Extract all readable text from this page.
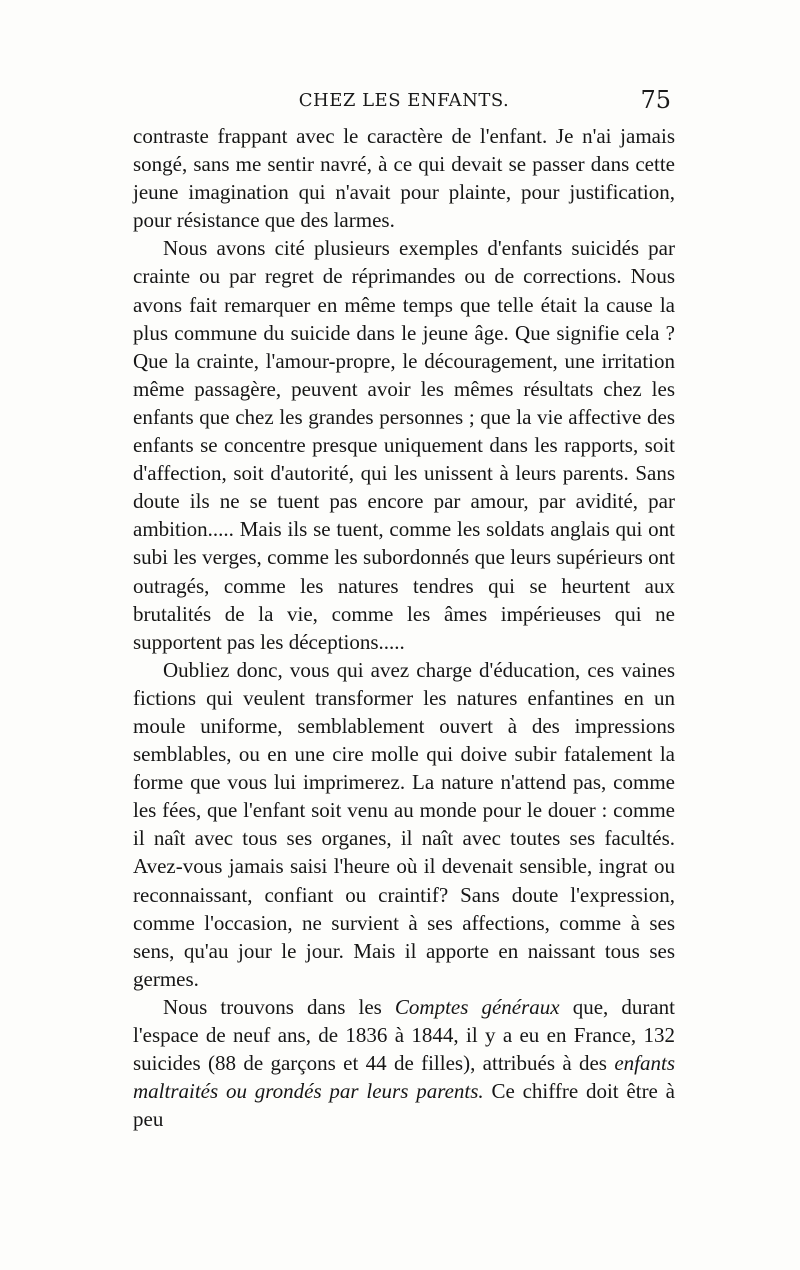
CHEZ LES ENFANTS.	75

contraste frappant avec le caractère de l'enfant. Je n'ai jamais songé, sans me sentir navré, à ce qui devait se passer dans cette jeune imagination qui n'avait pour plainte, pour justification, pour résistance que des larmes.

Nous avons cité plusieurs exemples d'enfants suicidés par crainte ou par regret de réprimandes ou de corrections. Nous avons fait remarquer en même temps que telle était la cause la plus commune du suicide dans le jeune âge. Que signifie cela ? Que la crainte, l'amour-propre, le découragement, une irritation même passagère, peuvent avoir les mêmes résultats chez les enfants que chez les grandes personnes ; que la vie affective des enfants se concentre presque uniquement dans les rapports, soit d'affection, soit d'autorité, qui les unissent à leurs parents. Sans doute ils ne se tuent pas encore par amour, par avidité, par ambition..... Mais ils se tuent, comme les soldats anglais qui ont subi les verges, comme les subordonnés que leurs supérieurs ont outragés, comme les natures tendres qui se heurtent aux brutalités de la vie, comme les âmes impérieuses qui ne supportent pas les déceptions.....

Oubliez donc, vous qui avez charge d'éducation, ces vaines fictions qui veulent transformer les natures enfantines en un moule uniforme, semblablement ouvert à des impressions semblables, ou en une cire molle qui doive subir fatalement la forme que vous lui imprimerez. La nature n'attend pas, comme les fées, que l'enfant soit venu au monde pour le douer : comme il naît avec tous ses organes, il naît avec toutes ses facultés. Avez-vous jamais saisi l'heure où il devenait sensible, ingrat ou reconnaissant, confiant ou craintif? Sans doute l'expression, comme l'occasion, ne survient à ses affections, comme à ses sens, qu'au jour le jour. Mais il apporte en naissant tous ses germes.

Nous trouvons dans les Comptes généraux que, durant l'espace de neuf ans, de 1836 à 1844, il y a eu en France, 132 suicides (88 de garçons et 44 de filles), attribués à des enfants maltraités ou grondés par leurs parents. Ce chiffre doit être à peu
